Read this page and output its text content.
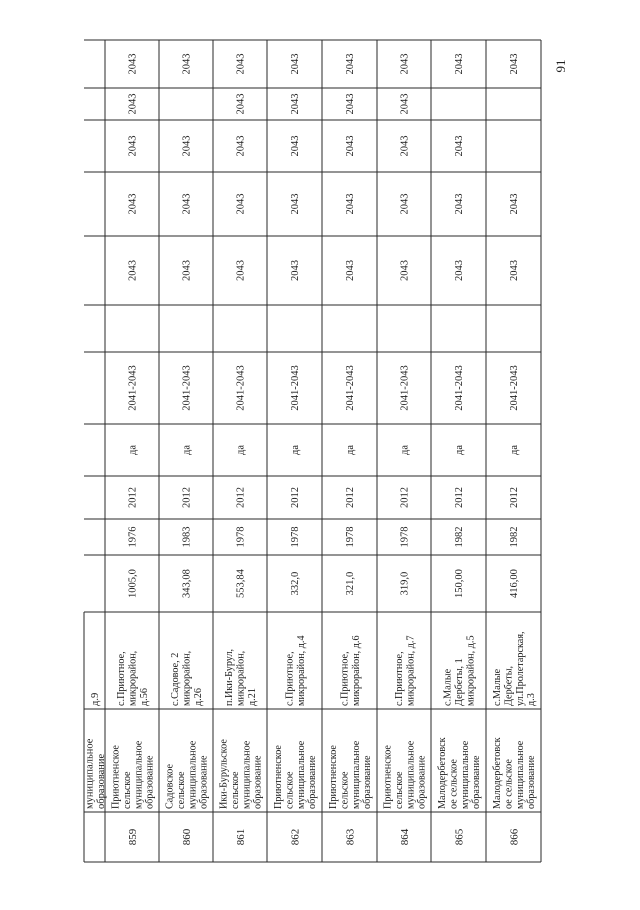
муниципальное образование
д.9
859
Приютненское сельское муниципальное образование
с.Приютное, микрорайон, д.56
1005,0
1976
2012
да
2041-2043
2043
2043
2043
2043
2043
860
Садовское сельское муниципальное образование
с.Садовое, 2 микрорайон, д.26
343,08
1983
2012
да
2041-2043
2043
2043
2043
2043
861
Ики-Бурульское сельское муниципальное образование
п.Ики-Бурул, микрорайон, д.21
553,84
1978
2012
да
2041-2043
2043
2043
2043
2043
2043
862
Приютненское сельское муниципальное образование
с.Приютное, микрорайон, д.4
332,0
1978
2012
да
2041-2043
2043
2043
2043
2043
2043
863
Приютненское сельское муниципальное образование
с.Приютное, микрорайон, д.6
321,0
1978
2012
да
2041-2043
2043
2043
2043
2043
2043
864
Приютненское сельское муниципальное образование
с.Приютное, микрорайон, д.7
319,0
1978
2012
да
2041-2043
2043
2043
2043
2043
2043
865
Малодербетовск ое сельское муниципальное образование
с.Малые Дербеты, 1 микрорайон, д.5
150,00
1982
2012
да
2041-2043
2043
2043
2043
2043
866
Малодербетовск ое сельское муниципальное образование
с.Малые Дербеты, ул.Пролетарская, д.3
416,00
1982
2012
да
2041-2043
2043
2043
2043	91
